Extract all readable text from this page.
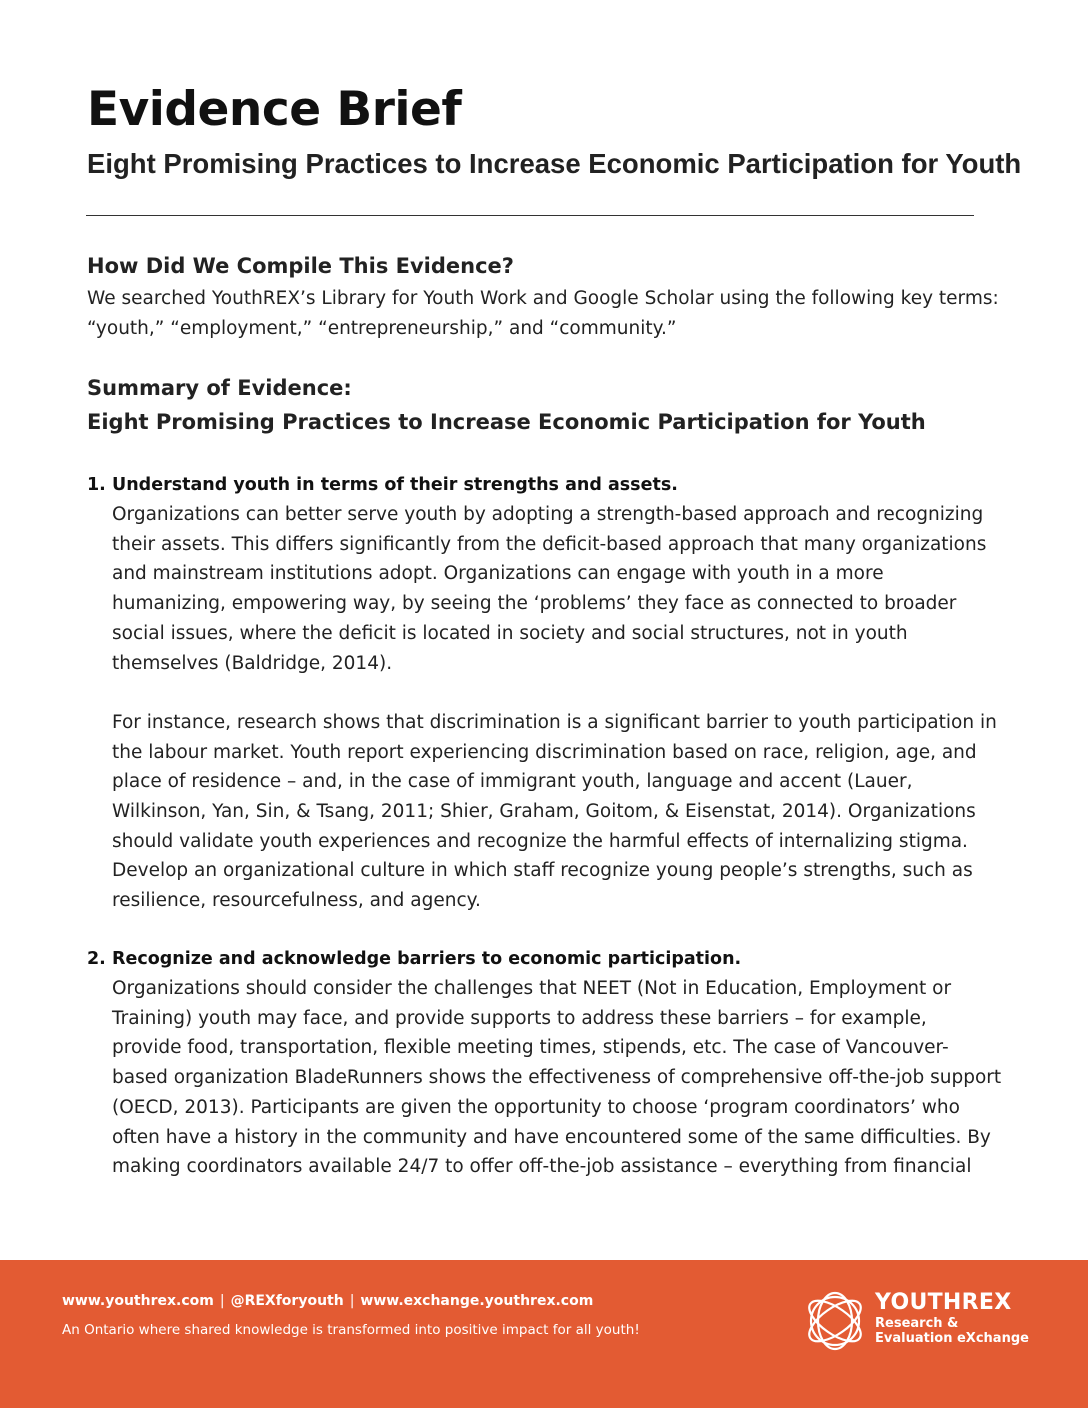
Evidence Brief
Eight Promising Practices to Increase Economic Participation for Youth
How Did We Compile This Evidence?

We searched YouthREX’s Library for Youth Work and Google Scholar using the following key terms: “youth,” “employment,” “entrepreneurship,” and “community.”

Summary of Evidence:
Eight Promising Practices to Increase Economic Participation for Youth
1. Understand youth in terms of their strengths and assets.

Organizations can better serve youth by adopting a strength-based approach and recognizing their assets. This differs significantly from the deficit-based approach that many organizations and mainstream institutions adopt. Organizations can engage with youth in a more humanizing, empowering way, by seeing the ‘problems’ they face as connected to broader social issues, where the deficit is located in society and social structures, not in youth themselves (Baldridge, 2014).

For instance, research shows that discrimination is a significant barrier to youth participation in the labour market. Youth report experiencing discrimination based on race, religion, age, and place of residence – and, in the case of immigrant youth, language and accent (Lauer, Wilkinson, Yan, Sin, & Tsang, 2011; Shier, Graham, Goitom, & Eisenstat, 2014). Organizations should validate youth experiences and recognize the harmful effects of internalizing stigma. Develop an organizational culture in which staff recognize young people’s strengths, such as resilience, resourcefulness, and agency.

2. Recognize and acknowledge barriers to economic participation.

Organizations should consider the challenges that NEET (Not in Education, Employment or Training) youth may face, and provide supports to address these barriers – for example, provide food, transportation, flexible meeting times, stipends, etc. The case of Vancouver-based organization BladeRunners shows the effectiveness of comprehensive off-the-job support (OECD, 2013). Participants are given the opportunity to choose ‘program coordinators’ who often have a history in the community and have encountered some of the same difficulties. By making coordinators available 24/7 to offer off-the-job assistance – everything from financial

www.youthrex.com | @REXforyouth | www.exchange.youthrex.com
An Ontario where shared knowledge is transformed into positive impact for all youth!
YOUTHREX
Research &
Evaluation eXchange
